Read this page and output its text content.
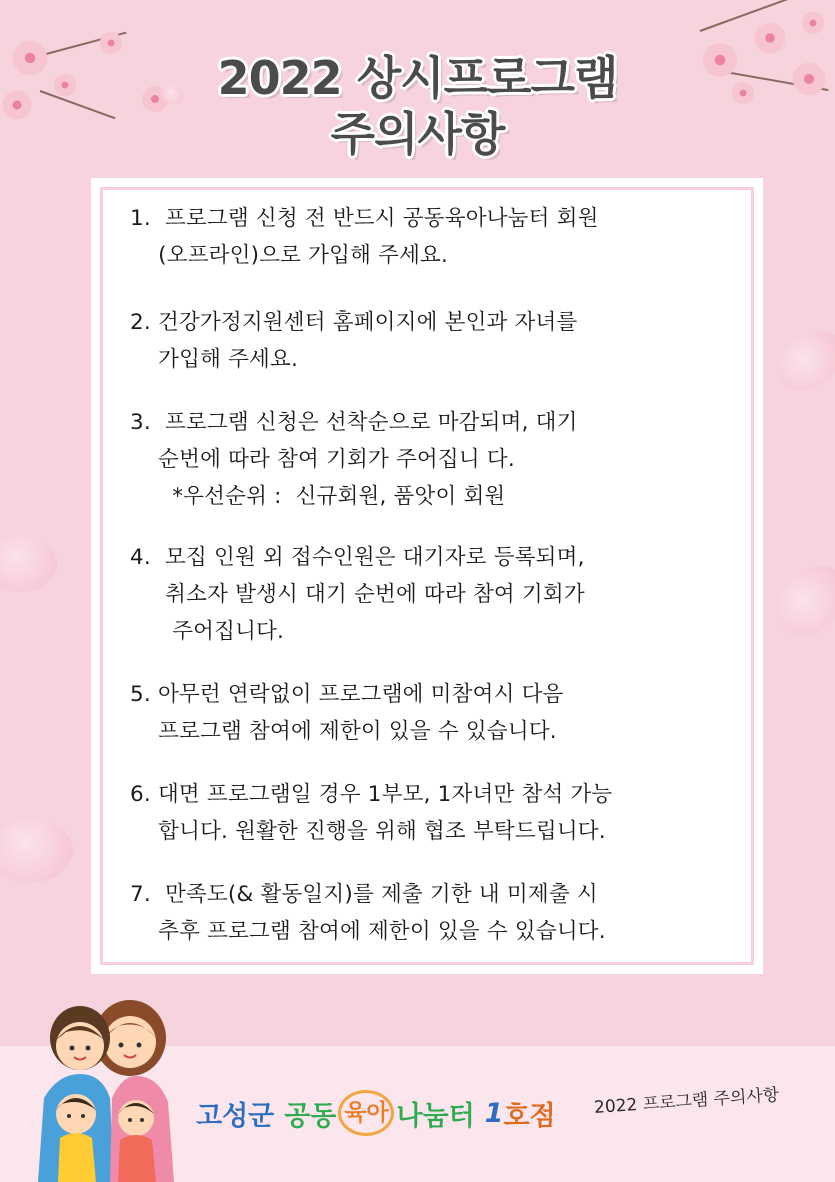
2022 상시프로그램
주의사항
1.  프로그램 신청 전 반드시 공동육아나눔터 회원
(오프라인)으로 가입해 주세요.
2. 건강가정지원센터 홈페이지에 본인과 자녀를
가입해 주세요.
3.  프로그램 신청은 선착순으로 마감되며, 대기
순번에 따라 참여 기회가 주어집니 다.
*우선순위 :  신규회원, 품앗이 회원
4.  모집 인원 외 접수인원은 대기자로 등록되며,
취소자 발생시 대기 순번에 따라 참여 기회가
주어집니다.
5. 아무런 연락없이 프로그램에 미참여시 다음
프로그램 참여에 제한이 있을 수 있습니다.
6. 대면 프로그램일 경우 1부모, 1자녀만 참석 가능
합니다. 원활한 진행을 위해 협조 부탁드립니다.
7.  만족도(& 활동일지)를 제출 기한 내 미제출 시
추후 프로그램 참여에 제한이 있을 수 있습니다.
고성군 공동 육아 나눔터 1 호점 2022 프로그램 주의사항
